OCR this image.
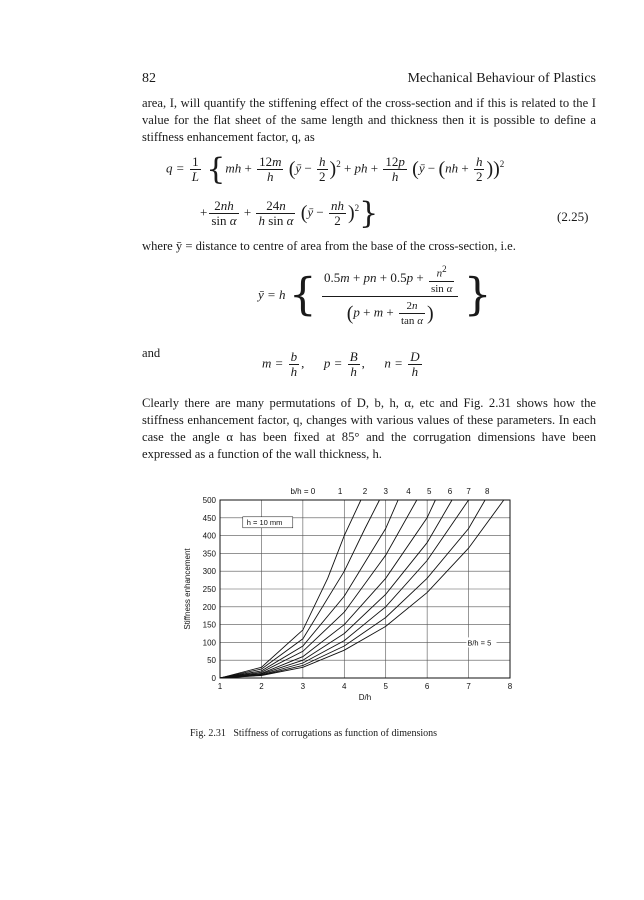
82	Mechanical Behaviour of Plastics
area, I, will quantify the stiffening effect of the cross-section and if this is related to the I value for the flat sheet of the same length and thickness then it is possible to define a stiffness enhancement factor, q, as
$q = \frac{1}{L} \{mh + \frac{12m}{h}$ (ȳ − $\frac{h}{2} )^2$ + ph + $\frac{12p}{h}$ (ȳ − $(nh + \frac{h}{2} ))^2$
+ $\frac{2nh}{\text{sin α}} + \frac{24n}{\text{h sin α}}$ (ȳ − $\frac{nh}{2} )^2$}	(2.25)
where ȳ = distance to centre of area from the base of the cross-section, i.e.
ȳ = h { $\frac{0.5m + pn + 0.5p + \frac{n^2}{\text{sin α}}}{(p + m + \frac{2n}{\text{tan α}} )}$ }
and
$m = \frac{b}{h}$ ,      $p = \frac{B}{h}$ ,      $n = \frac{D}{h}$
Clearly there are many permutations of D, b, h, α, etc and Fig. 2.31 shows how the stiffness enhancement factor, q, changes with various values of these parameters. In each case the angle α has been fixed at 85° and the corrugation dimensions have been expressed as a function of the wall thickness, h.
0
50
100
150
200
250
300
350
400
450
500
1	2	3	4	5	6	7	8
D/h
Stiffness enhancement
b/h = 0	1	2 3 4 5 6 7 8
h = 10 mm
B/h = 5
Fig. 2.31 Stiffness of corrugations as function of dimensions
